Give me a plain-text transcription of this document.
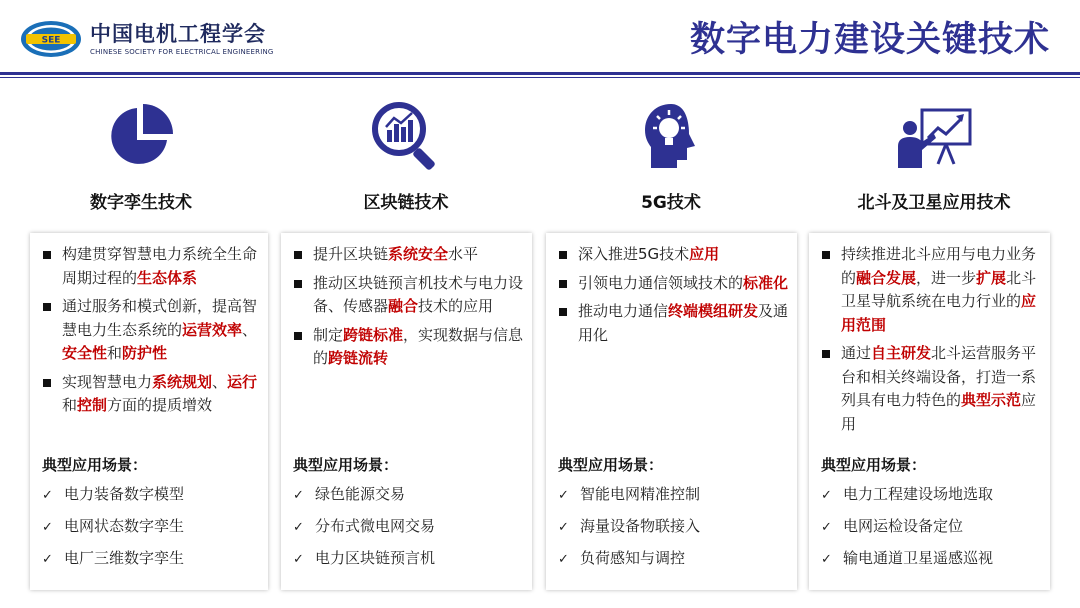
SEE 中国电机工程学会
CHINESE SOCIETY FOR ELECTRICAL ENGINEERING	数字电力建设关键技术
数字孪生技术
构建贯穿智慧电力系统全生命周期过程的生态体系
通过服务和模式创新，提高智慧电力生态系统的运营效率、安全性和防护性
实现智慧电力系统规划、运行和控制方面的提质增效
典型应用场景：
✓ 电力装备数字模型
✓ 电网状态数字孪生
✓ 电厂三维数字孪生
区块链技术
提升区块链系统安全水平
推动区块链预言机技术与电力设备、传感器融合技术的应用
制定跨链标准，实现数据与信息的跨链流转
典型应用场景：
✓ 绿色能源交易
✓ 分布式微电网交易
✓ 电力区块链预言机
5G技术
深入推进5G技术应用
引领电力通信领域技术的标准化
推动电力通信终端模组研发及通用化
典型应用场景：
✓ 智能电网精准控制
✓ 海量设备物联接入
✓ 负荷感知与调控
北斗及卫星应用技术
持续推进北斗应用与电力业务的融合发展，进一步扩展北斗卫星导航系统在电力行业的应用范围
通过自主研发北斗运营服务平台和相关终端设备，打造一系列具有电力特色的典型示范应用
典型应用场景：
✓ 电力工程建设场地选取
✓ 电网运检设备定位
✓ 输电通道卫星遥感巡视
